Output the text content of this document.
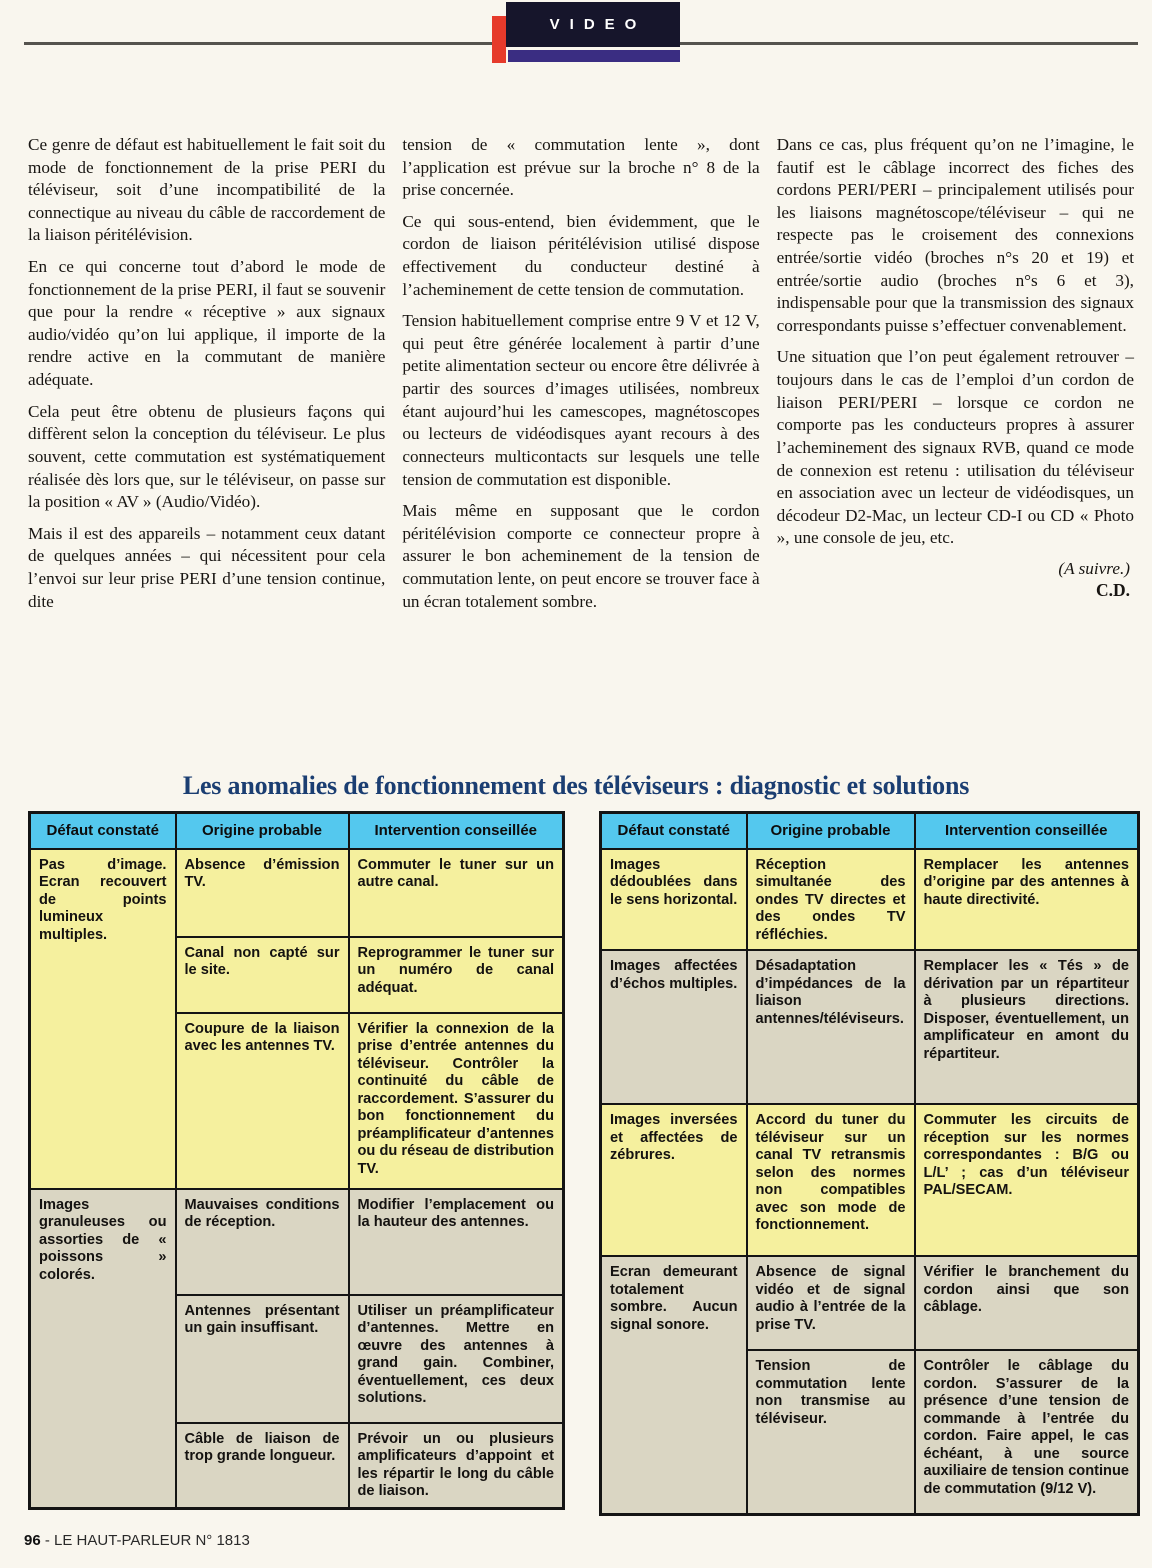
VIDEO

Ce genre de défaut est habituellement le fait soit du mode de fonctionnement de la prise PERI du téléviseur, soit d’une incompatibilité de la connectique au niveau du câble de raccordement de la liaison péritélévision.

En ce qui concerne tout d’abord le mode de fonctionnement de la prise PERI, il faut se souvenir que pour la rendre « réceptive » aux signaux audio/vidéo qu’on lui applique, il importe de la rendre active en la commutant de manière adéquate.

Cela peut être obtenu de plusieurs façons qui diffèrent selon la conception du téléviseur. Le plus souvent, cette commutation est systématiquement réalisée dès lors que, sur le téléviseur, on passe sur la position « AV » (Audio/Vidéo).

Mais il est des appareils – notamment ceux datant de quelques années – qui nécessitent pour cela l’envoi sur leur prise PERI d’une tension continue, dite

tension de « commutation lente », dont l’application est prévue sur la broche n° 8 de la prise concernée.

Ce qui sous-entend, bien évidemment, que le cordon de liaison péritélévision utilisé dispose effectivement du conducteur destiné à l’acheminement de cette tension de commutation.

Tension habituellement comprise entre 9 V et 12 V, qui peut être générée localement à partir d’une petite alimentation secteur ou encore être délivrée à partir des sources d’images utilisées, nombreux étant aujourd’hui les camescopes, magnétoscopes ou lecteurs de vidéodisques ayant recours à des connecteurs multicontacts sur lesquels une telle tension de commutation est disponible.

Mais même en supposant que le cordon péritélévision comporte ce connecteur propre à assurer le bon acheminement de la tension de commutation lente, on peut encore se trouver face à un écran totalement sombre.

Dans ce cas, plus fréquent qu’on ne l’imagine, le fautif est le câblage incorrect des fiches des cordons PERI/PERI – principalement utilisés pour les liaisons magnétoscope/téléviseur – qui ne respecte pas le croisement des connexions entrée/sortie vidéo (broches n°s 20 et 19) et entrée/sortie audio (broches n°s 6 et 3), indispensable pour que la transmission des signaux correspondants puisse s’effectuer convenablement.

Une situation que l’on peut également retrouver – toujours dans le cas de l’emploi d’un cordon de liaison PERI/PERI – lorsque ce cordon ne comporte pas les conducteurs propres à assurer l’acheminement des signaux RVB, quand ce mode de connexion est retenu : utilisation du téléviseur en association avec un lecteur de vidéodisques, un décodeur D2-Mac, un lecteur CD-I ou CD « Photo », une console de jeu, etc.

(A suivre.)
C.D.
Les anomalies de fonctionnement des téléviseurs : diagnostic et solutions
Défaut constaté	Origine probable	Intervention conseillée
Pas d’image. Ecran recouvert de points lumineux multiples.	Absence d’émission TV.	Commuter le tuner sur un autre canal.
	Canal non capté sur le site.	Reprogrammer le tuner sur un numéro de canal adéquat.
	Coupure de la liaison avec les antennes TV.	Vérifier la connexion de la prise d’entrée antennes du téléviseur. Contrôler la continuité du câble de raccordement. S’assurer du bon fonctionnement du préamplificateur d’antennes ou du réseau de distribution TV.
Images granuleuses ou assorties de « poissons » colorés.	Mauvaises conditions de réception.	Modifier l’emplacement ou la hauteur des antennes.
	Antennes présentant un gain insuffisant.	Utiliser un préamplificateur d’antennes. Mettre en œuvre des antennes à grand gain. Combiner, éventuellement, ces deux solutions.
	Câble de liaison de trop grande longueur.	Prévoir un ou plusieurs amplificateurs d’appoint et les répartir le long du câble de liaison.
Défaut constaté	Origine probable	Intervention conseillée
Images dédoublées dans le sens horizontal.	Réception simultanée des ondes TV directes et des ondes TV réfléchies.	Remplacer les antennes d’origine par des antennes à haute directivité.
Images affectées d’échos multiples.	Désadaptation d’impédances de la liaison antennes/téléviseurs.	Remplacer les « Tés » de dérivation par un répartiteur à plusieurs directions. Disposer, éventuellement, un amplificateur en amont du répartiteur.
Images inversées et affectées de zébrures.	Accord du tuner du téléviseur sur un canal TV retransmis selon des normes non compatibles avec son mode de fonctionnement.	Commuter les circuits de réception sur les normes correspondantes : B/G ou L/L’ ; cas d’un téléviseur PAL/SECAM.
Ecran demeurant totalement sombre. Aucun signal sonore.	Absence de signal vidéo et de signal audio à l’entrée de la prise TV.	Vérifier le branchement du cordon ainsi que son câblage.
	Tension de commutation lente non transmise au téléviseur.	Contrôler le câblage du cordon. S’assurer de la présence d’une tension de commande à l’entrée du cordon. Faire appel, le cas échéant, à une source auxiliaire de tension continue de commutation (9/12 V).
96 - LE HAUT-PARLEUR N° 1813
